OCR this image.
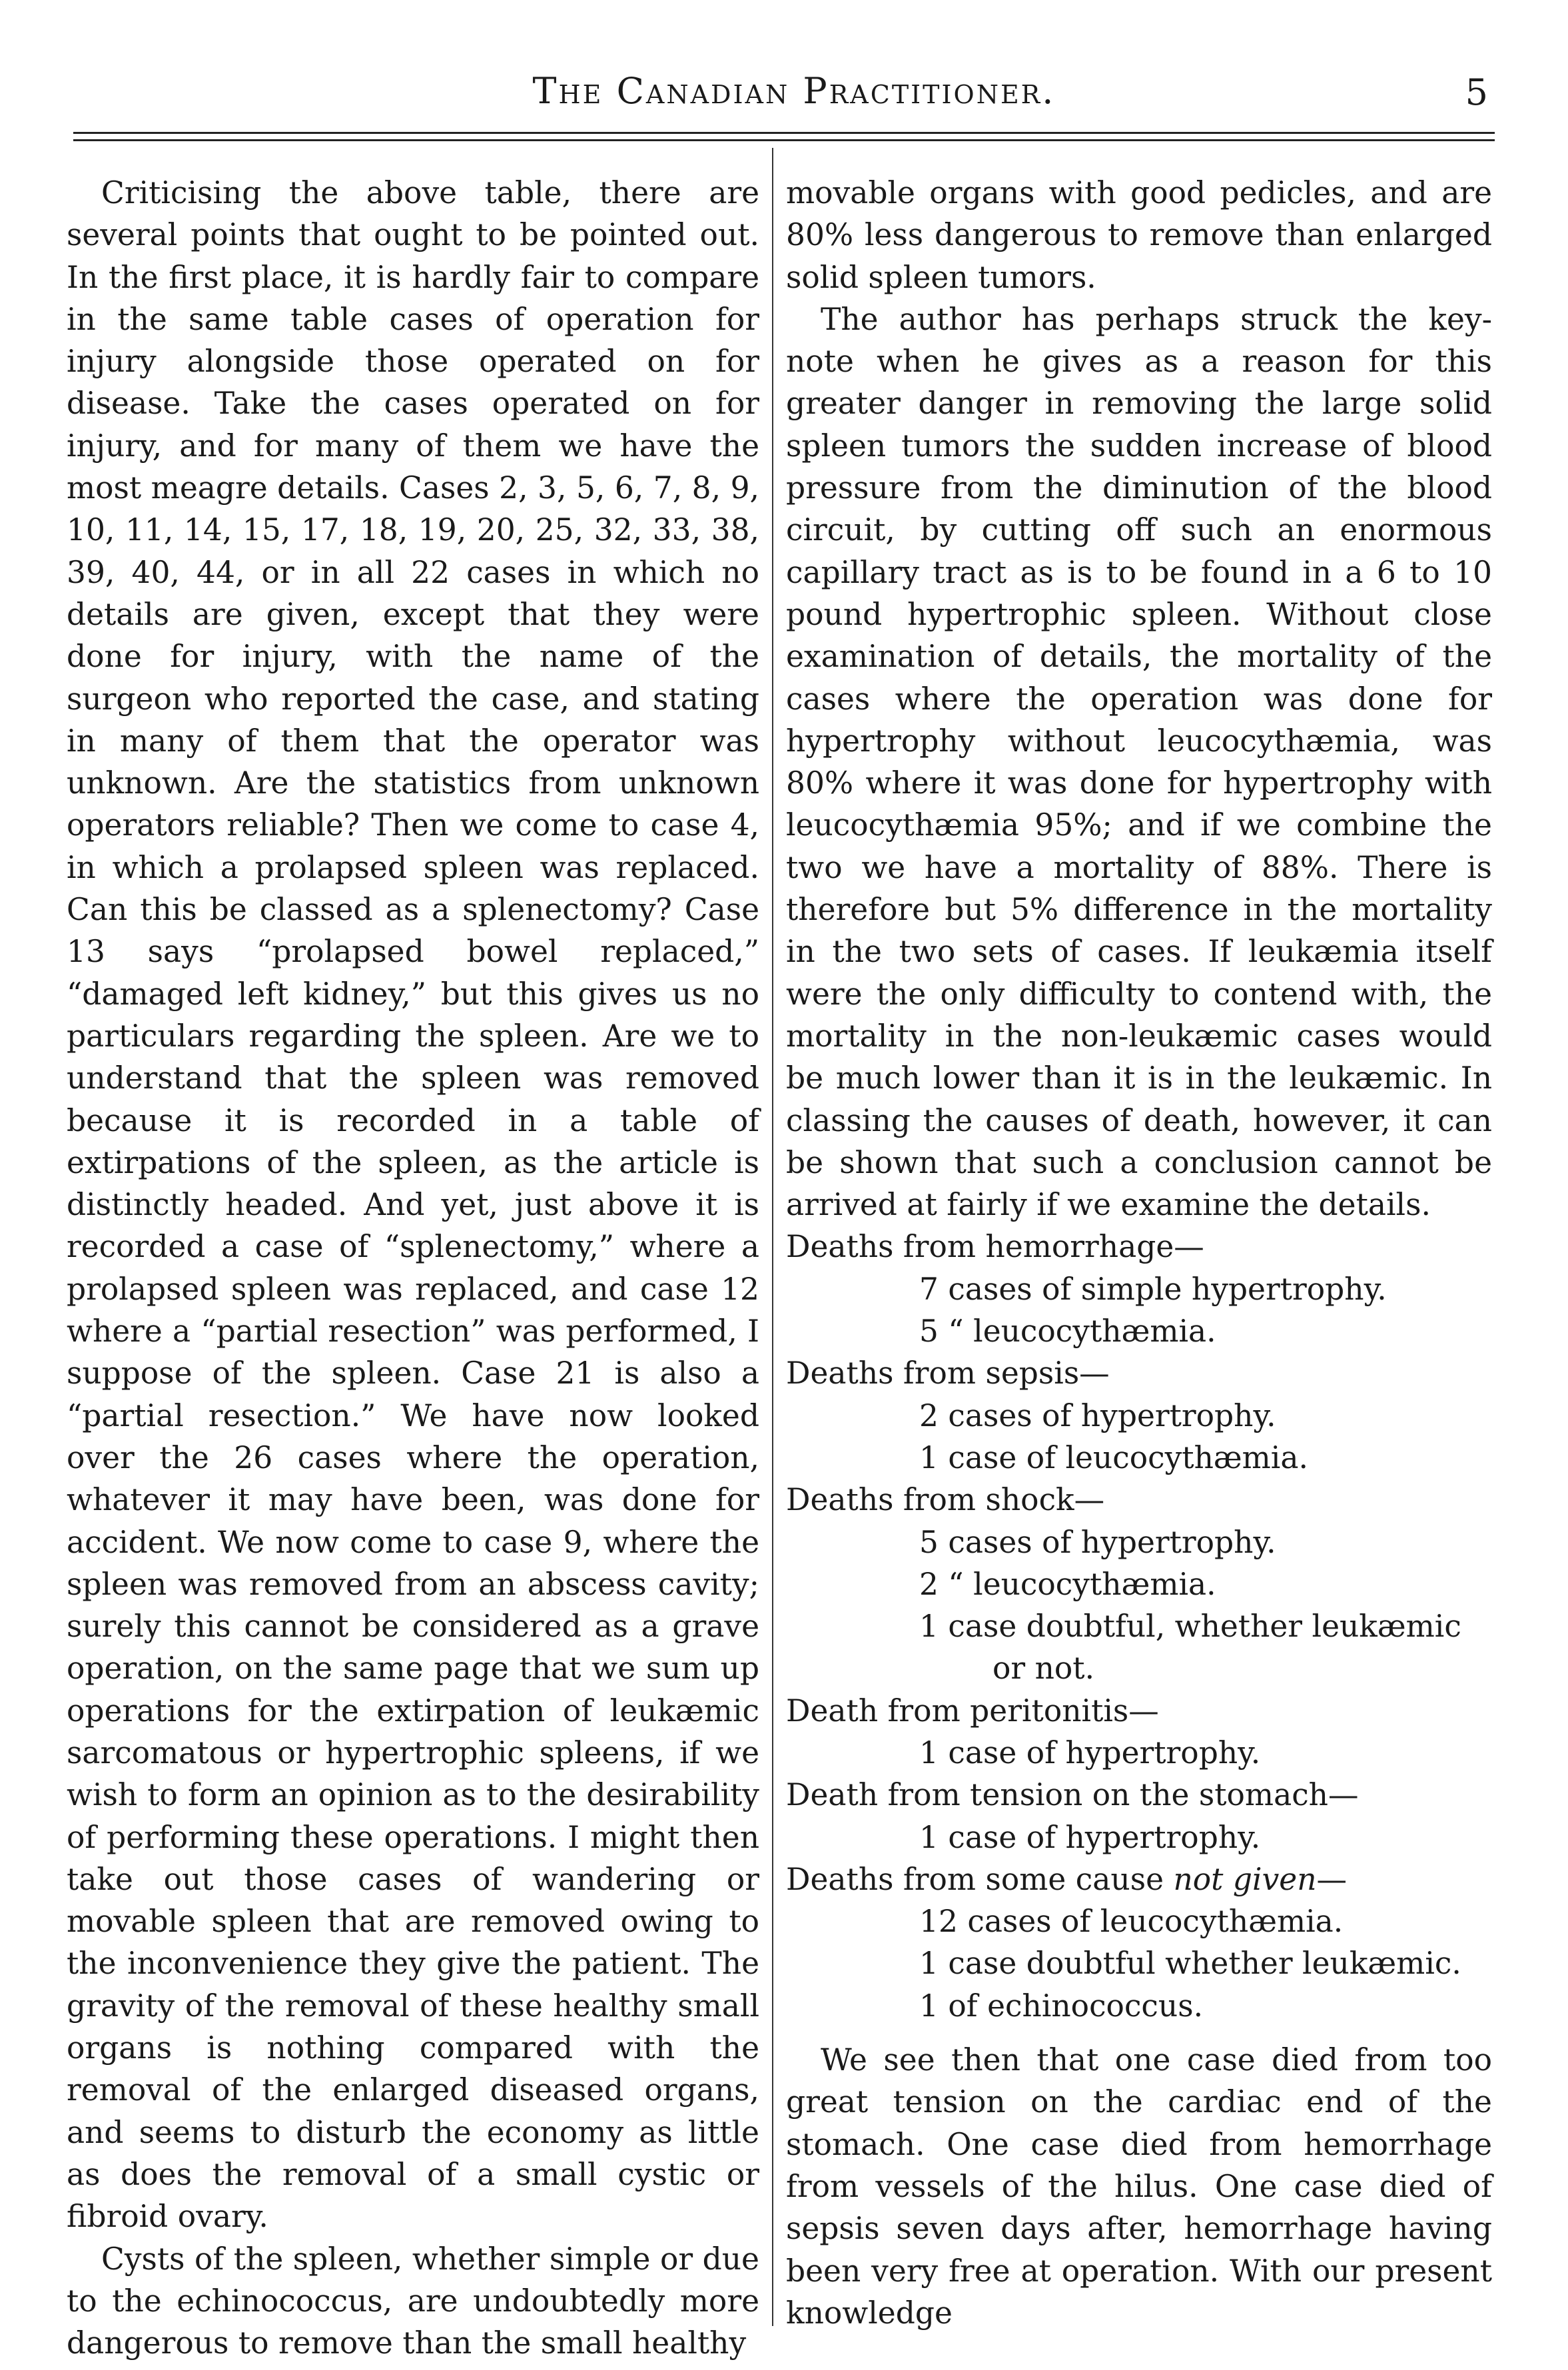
The Canadian Practitioner.	5

Criticising the above table, there are several points that ought to be pointed out. In the first place, it is hardly fair to compare in the same table cases of operation for injury alongside those operated on for disease. Take the cases operated on for injury, and for many of them we have the most meagre details. Cases 2, 3, 5, 6, 7, 8, 9, 10, 11, 14, 15, 17, 18, 19, 20, 25, 32, 33, 38, 39, 40, 44, or in all 22 cases in which no details are given, except that they were done for injury, with the name of the surgeon who reported the case, and stating in many of them that the operator was unknown. Are the statistics from unknown operators reliable? Then we come to case 4, in which a prolapsed spleen was replaced. Can this be classed as a splenectomy? Case 13 says “prolapsed bowel replaced,” “damaged left kidney,” but this gives us no particulars regarding the spleen. Are we to understand that the spleen was removed because it is recorded in a table of extirpations of the spleen, as the article is distinctly headed. And yet, just above it is recorded a case of “splenectomy,” where a prolapsed spleen was replaced, and case 12 where a “partial resection” was performed, I suppose of the spleen. Case 21 is also a “partial resection.” We have now looked over the 26 cases where the operation, whatever it may have been, was done for accident. We now come to case 9, where the spleen was removed from an abscess cavity; surely this cannot be considered as a grave operation, on the same page that we sum up operations for the extirpation of leukæmic sarcomatous or hypertrophic spleens, if we wish to form an opinion as to the desirability of performing these operations. I might then take out those cases of wandering or movable spleen that are removed owing to the inconvenience they give the patient. The gravity of the removal of these healthy small organs is nothing compared with the removal of the enlarged diseased organs, and seems to disturb the economy as little as does the removal of a small cystic or fibroid ovary.

Cysts of the spleen, whether simple or due to the echinococcus, are undoubtedly more dangerous to remove than the small healthy

movable organs with good pedicles, and are 80% less dangerous to remove than enlarged solid spleen tumors.

The author has perhaps struck the key-note when he gives as a reason for this greater danger in removing the large solid spleen tumors the sudden increase of blood pressure from the diminution of the blood circuit, by cutting off such an enormous capillary tract as is to be found in a 6 to 10 pound hypertrophic spleen. Without close examination of details, the mortality of the cases where the operation was done for hypertrophy without leucocythæmia, was 80% where it was done for hypertrophy with leucocythæmia 95%; and if we combine the two we have a mortality of 88%. There is therefore but 5% difference in the mortality in the two sets of cases. If leukæmia itself were the only difficulty to contend with, the mortality in the non-leukæmic cases would be much lower than it is in the leukæmic. In classing the causes of death, however, it can be shown that such a conclusion cannot be arrived at fairly if we examine the details.

Deaths from hemorrhage—
7 cases of simple hypertrophy.
5 “ leucocythæmia.
Deaths from sepsis—
2 cases of hypertrophy.
1 case of leucocythæmia.
Deaths from shock—
5 cases of hypertrophy.
2 “ leucocythæmia.
1 case doubtful, whether leukæmic
or not.
Death from peritonitis—
1 case of hypertrophy.
Death from tension on the stomach—
1 case of hypertrophy.
Deaths from some cause not given—
12 cases of leucocythæmia.
1 case doubtful whether leukæmic.
1 of echinococcus.

We see then that one case died from too great tension on the cardiac end of the stomach. One case died from hemorrhage from vessels of the hilus. One case died of sepsis seven days after, hemorrhage having been very free at operation. With our present knowledge
